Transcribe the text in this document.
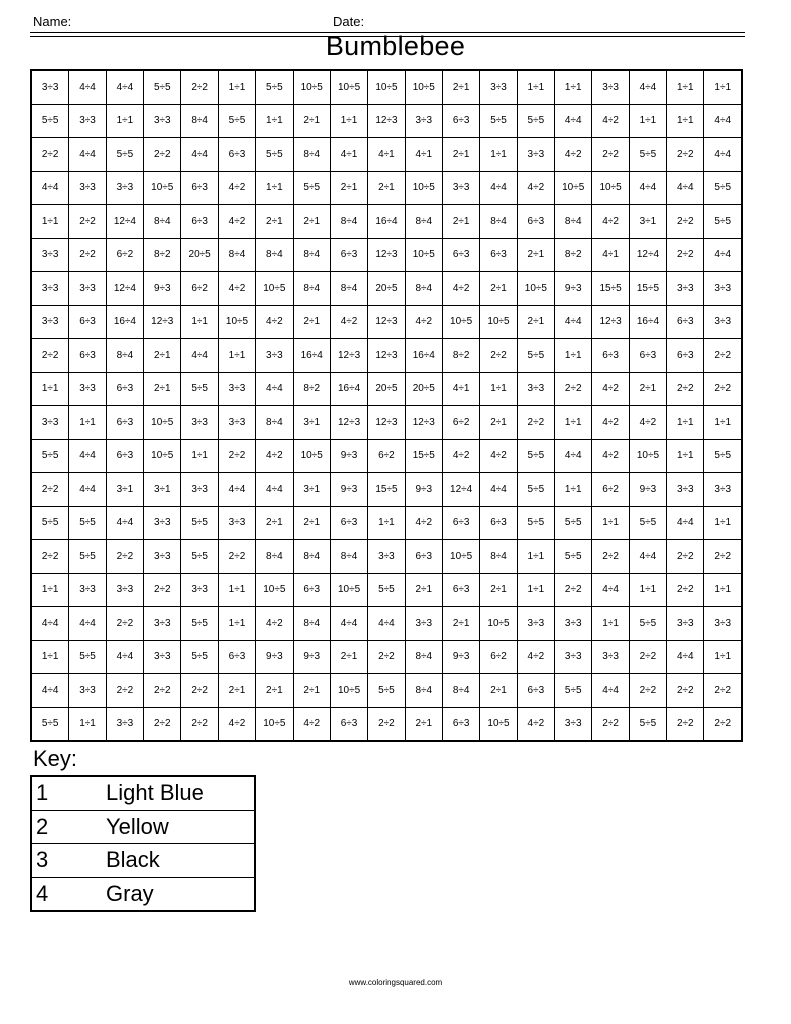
Name:	Date:
Bumblebee
3÷3	4÷4	4÷4	5÷5	2÷2	1÷1	5÷5	10÷5	10÷5	10÷5	10÷5	2÷1	3÷3	1÷1	1÷1	3÷3	4÷4	1÷1	1÷1
5÷5	3÷3	1÷1	3÷3	8÷4	5÷5	1÷1	2÷1	1÷1	12÷3	3÷3	6÷3	5÷5	5÷5	4÷4	4÷2	1÷1	1÷1	4÷4
2÷2	4÷4	5÷5	2÷2	4÷4	6÷3	5÷5	8÷4	4÷1	4÷1	4÷1	2÷1	1÷1	3÷3	4÷2	2÷2	5÷5	2÷2	4÷4
4÷4	3÷3	3÷3	10÷5	6÷3	4÷2	1÷1	5÷5	2÷1	2÷1	10÷5	3÷3	4÷4	4÷2	10÷5	10÷5	4÷4	4÷4	5÷5
1÷1	2÷2	12÷4	8÷4	6÷3	4÷2	2÷1	2÷1	8÷4	16÷4	8÷4	2÷1	8÷4	6÷3	8÷4	4÷2	3÷1	2÷2	5÷5
3÷3	2÷2	6÷2	8÷2	20÷5	8÷4	8÷4	8÷4	6÷3	12÷3	10÷5	6÷3	6÷3	2÷1	8÷2	4÷1	12÷4	2÷2	4÷4
3÷3	3÷3	12÷4	9÷3	6÷2	4÷2	10÷5	8÷4	8÷4	20÷5	8÷4	4÷2	2÷1	10÷5	9÷3	15÷5	15÷5	3÷3	3÷3
3÷3	6÷3	16÷4	12÷3	1÷1	10÷5	4÷2	2÷1	4÷2	12÷3	4÷2	10÷5	10÷5	2÷1	4÷4	12÷3	16÷4	6÷3	3÷3
2÷2	6÷3	8÷4	2÷1	4÷4	1÷1	3÷3	16÷4	12÷3	12÷3	16÷4	8÷2	2÷2	5÷5	1÷1	6÷3	6÷3	6÷3	2÷2
1÷1	3÷3	6÷3	2÷1	5÷5	3÷3	4÷4	8÷2	16÷4	20÷5	20÷5	4÷1	1÷1	3÷3	2÷2	4÷2	2÷1	2÷2	2÷2
3÷3	1÷1	6÷3	10÷5	3÷3	3÷3	8÷4	3÷1	12÷3	12÷3	12÷3	6÷2	2÷1	2÷2	1÷1	4÷2	4÷2	1÷1	1÷1
5÷5	4÷4	6÷3	10÷5	1÷1	2÷2	4÷2	10÷5	9÷3	6÷2	15÷5	4÷2	4÷2	5÷5	4÷4	4÷2	10÷5	1÷1	5÷5
2÷2	4÷4	3÷1	3÷1	3÷3	4÷4	4÷4	3÷1	9÷3	15÷5	9÷3	12÷4	4÷4	5÷5	1÷1	6÷2	9÷3	3÷3	3÷3
5÷5	5÷5	4÷4	3÷3	5÷5	3÷3	2÷1	2÷1	6÷3	1÷1	4÷2	6÷3	6÷3	5÷5	5÷5	1÷1	5÷5	4÷4	1÷1
2÷2	5÷5	2÷2	3÷3	5÷5	2÷2	8÷4	8÷4	8÷4	3÷3	6÷3	10÷5	8÷4	1÷1	5÷5	2÷2	4÷4	2÷2	2÷2
1÷1	3÷3	3÷3	2÷2	3÷3	1÷1	10÷5	6÷3	10÷5	5÷5	2÷1	6÷3	2÷1	1÷1	2÷2	4÷4	1÷1	2÷2	1÷1
4÷4	4÷4	2÷2	3÷3	5÷5	1÷1	4÷2	8÷4	4÷4	4÷4	3÷3	2÷1	10÷5	3÷3	3÷3	1÷1	5÷5	3÷3	3÷3
1÷1	5÷5	4÷4	3÷3	5÷5	6÷3	9÷3	9÷3	2÷1	2÷2	8÷4	9÷3	6÷2	4÷2	3÷3	3÷3	2÷2	4÷4	1÷1
4÷4	3÷3	2÷2	2÷2	2÷2	2÷1	2÷1	2÷1	10÷5	5÷5	8÷4	8÷4	2÷1	6÷3	5÷5	4÷4	2÷2	2÷2	2÷2
5÷5	1÷1	3÷3	2÷2	2÷2	4÷2	10÷5	4÷2	6÷3	2÷2	2÷1	6÷3	10÷5	4÷2	3÷3	2÷2	5÷5	2÷2	2÷2
Key:
1	Light Blue
2	Yellow
3	Black
4	Gray
www.coloringsquared.com
